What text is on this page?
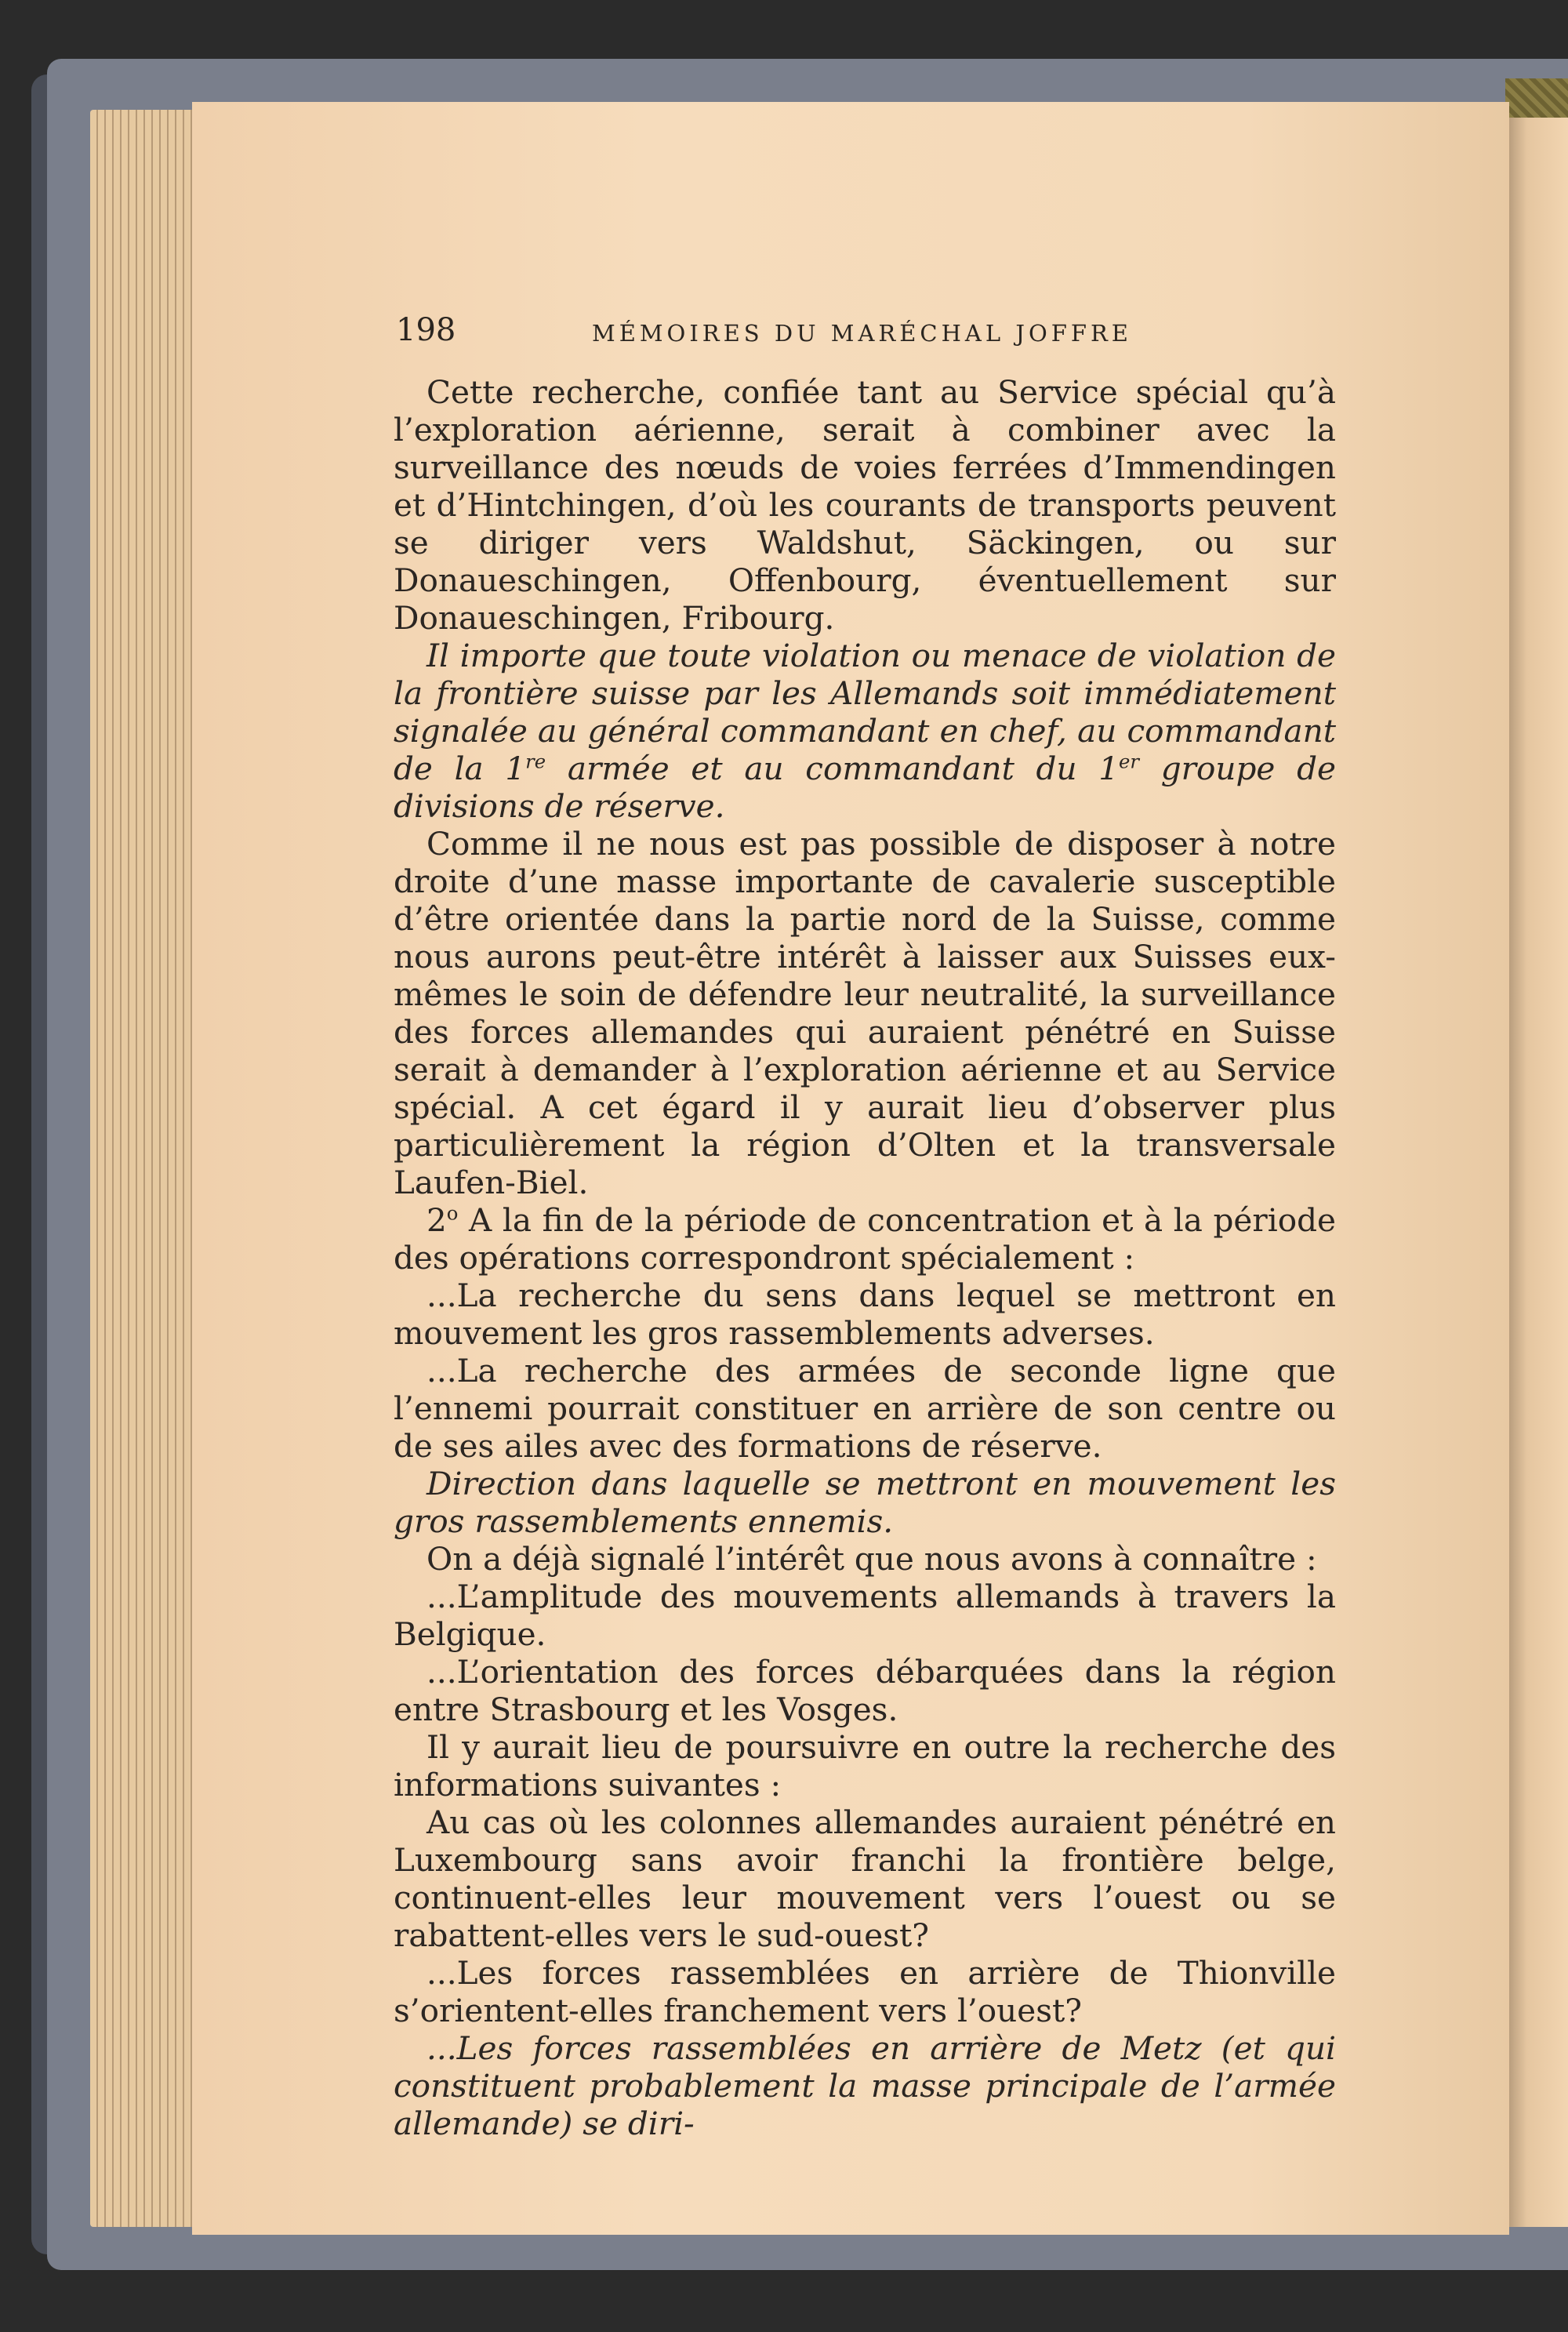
198	MÉMOIRES DU MARÉCHAL JOFFRE

Cette recherche, confiée tant au Service spécial qu’à l’exploration aérienne, serait à combiner avec la surveillance des nœuds de voies ferrées d’Immendingen et d’Hintchingen, d’où les courants de transports peuvent se diriger vers Waldshut, Säckingen, ou sur Donaueschingen, Offenbourg, éventuellement sur Donaueschingen, Fribourg.

Il importe que toute violation ou menace de violation de la frontière suisse par les Allemands soit immédiatement signalée au général commandant en chef, au commandant de la 1re armée et au commandant du 1er groupe de divisions de réserve.

Comme il ne nous est pas possible de disposer à notre droite d’une masse importante de cavalerie susceptible d’être orientée dans la partie nord de la Suisse, comme nous aurons peut-être intérêt à laisser aux Suisses eux-mêmes le soin de défendre leur neutralité, la surveillance des forces allemandes qui auraient pénétré en Suisse serait à demander à l’exploration aérienne et au Service spécial. A cet égard il y aurait lieu d’observer plus particulièrement la région d’Olten et la transversale Laufen-Biel.

2$^o$ A la fin de la période de concentration et à la période des opérations correspondront spécialement :

...La recherche du sens dans lequel se mettront en mouvement les gros rassemblements adverses.

...La recherche des armées de seconde ligne que l’ennemi pourrait constituer en arrière de son centre ou de ses ailes avec des formations de réserve.

Direction dans laquelle se mettront en mouvement les gros rassemblements ennemis.

On a déjà signalé l’intérêt que nous avons à connaître :

...L’amplitude des mouvements allemands à travers la Belgique.

...L’orientation des forces débarquées dans la région entre Strasbourg et les Vosges.

Il y aurait lieu de poursuivre en outre la recherche des informations suivantes :

Au cas où les colonnes allemandes auraient pénétré en Luxembourg sans avoir franchi la frontière belge, continuent-elles leur mouvement vers l’ouest ou se rabattent-elles vers le sud-ouest?

...Les forces rassemblées en arrière de Thionville s’orientent-elles franchement vers l’ouest?

...Les forces rassemblées en arrière de Metz (et qui constituent probablement la masse principale de l’armée allemande) se diri-
